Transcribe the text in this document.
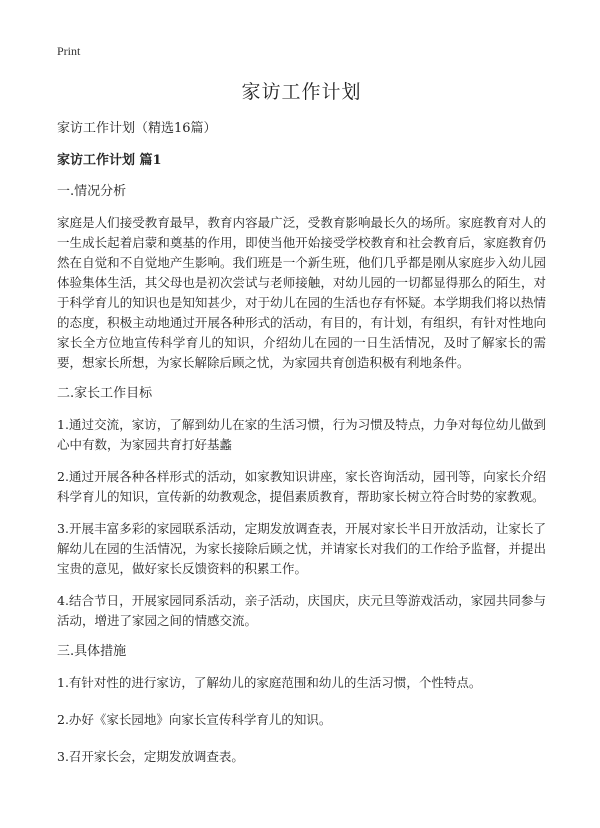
Print
家访工作计划
家访工作计划（精选16篇）
家访工作计划 篇1
一.情况分析

家庭是人们接受教育最早，教育内容最广泛，受教育影响最长久的场所。家庭教育对人的一生成长起着启蒙和奠基的作用，即使当他开始接受学校教育和社会教育后，家庭教育仍然在自觉和不自觉地产生影响。我们班是一个新生班，他们几乎都是刚从家庭步入幼儿园体验集体生活，其父母也是初次尝试与老师接触，对幼儿园的一切都显得那么的陌生，对于科学育儿的知识也是知知甚少，对于幼儿在园的生活也存有怀疑。本学期我们将以热情的态度，积极主动地通过开展各种形式的活动，有目的，有计划，有组织，有针对性地向家长全方位地宣传科学育儿的知识，介绍幼儿在园的一日生活情况，及时了解家长的需要，想家长所想，为家长解除后顾之忧，为家园共育创造积极有利地条件。

二.家长工作目标

1.通过交流，家访，了解到幼儿在家的生活习惯，行为习惯及特点，力争对每位幼儿做到心中有数，为家园共育打好基蠡

2.通过开展各种各样形式的活动，如家教知识讲座，家长咨询活动，园刊等，向家长介绍科学育儿的知识，宣传新的幼教观念，提倡素质教育，帮助家长树立符合时势的家教观。

3.开展丰富多彩的家园联系活动，定期发放调查表，开展对家长半日开放活动，让家长了解幼儿在园的生活情况，为家长接除后顾之忧，并请家长对我们的工作给予监督，并提出宝贵的意见，做好家长反馈资料的积累工作。

4.结合节日，开展家园同系活动，亲子活动，庆国庆，庆元旦等游戏活动，家园共同参与活动，增进了家园之间的情感交流。

三.具体措施

1.有针对性的进行家访，了解幼儿的家庭范围和幼儿的生活习惯，个性特点。

2.办好《家长园地》向家长宣传科学育儿的知识。

3.召开家长会，定期发放调查表。
